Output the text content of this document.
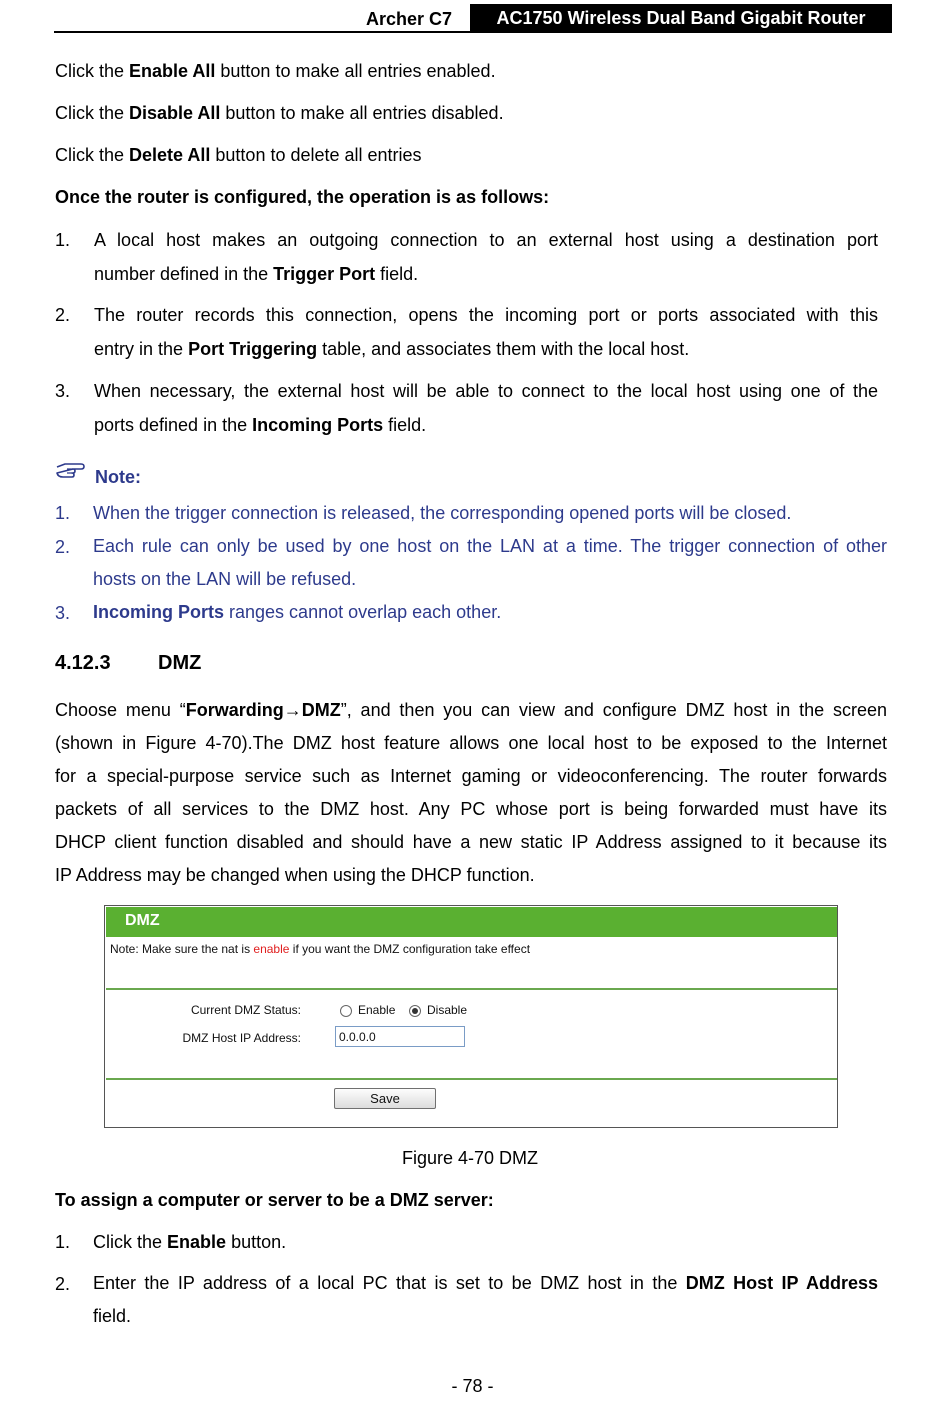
Archer C7	AC1750 Wireless Dual Band Gigabit Router
Click the Enable All button to make all entries enabled.
Click the Disable All button to make all entries disabled.
Click the Delete All button to delete all entries
Once the router is configured, the operation is as follows:
1. A local host makes an outgoing connection to an external host using a destination port
number defined in the Trigger Port field.
2. The router records this connection, opens the incoming port or ports associated with this
entry in the Port Triggering table, and associates them with the local host.
3. When necessary, the external host will be able to connect to the local host using one of the
ports defined in the Incoming Ports field.
Note:
1. When the trigger connection is released, the corresponding opened ports will be closed.
2. Each rule can only be used by one host on the LAN at a time. The trigger connection of other
hosts on the LAN will be refused.
3. Incoming Ports ranges cannot overlap each other.
4.12.3 DMZ
Choose menu “Forwarding→DMZ”, and then you can view and configure DMZ host in the screen
(shown in Figure 4-70).The DMZ host feature allows one local host to be exposed to the Internet
for a special-purpose service such as Internet gaming or videoconferencing. The router forwards
packets of all services to the DMZ host. Any PC whose port is being forwarded must have its
DHCP client function disabled and should have a new static IP Address assigned to it because its
IP Address may be changed when using the DHCP function.
DMZ
Note: Make sure the nat is enable if you want the DMZ configuration take effect
Current DMZ Status:	Enable	Disable
DMZ Host IP Address:	0.0.0.0
Save
Figure 4-70 DMZ
To assign a computer or server to be a DMZ server:
1. Click the Enable button.
2. Enter the IP address of a local PC that is set to be DMZ host in the DMZ Host IP Address
field.
- 78 -
